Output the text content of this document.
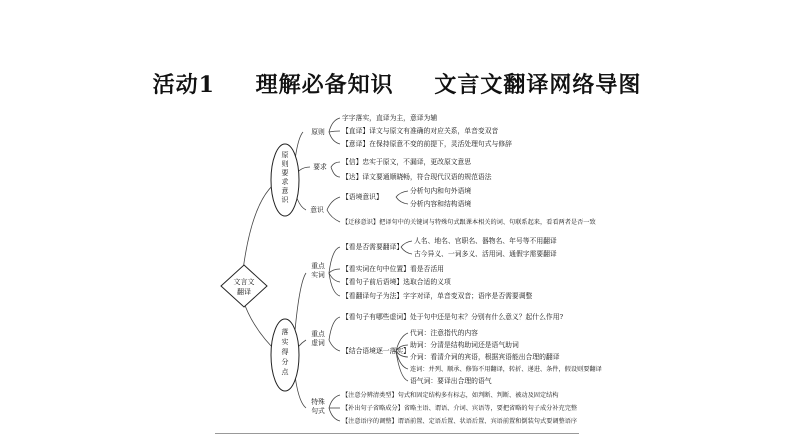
活动1 理解必备知识 文言文翻译网络导图
文言文
翻译
原
则
要
求
意
识
落
实
得
分
点
原则
要求
意识
重点
实词
重点
虚词
特殊
句式
字字落实，直译为主，意译为辅
【直译】译文与原文有准确的对应关系，单音变双音
【意译】在保持原意不变的前提下，灵活处理句式与修辞
【信】忠实于原文，不漏译，更改原文意思
【达】译文要通顺晓畅，符合现代汉语的规范语法
【语境意识】
分析句内和句外语境
分析内容和结构语境
【迁移意识】把译句中的关键词与特殊句式跟课本相关的词、句联系起来，看看两者是否一致
【看是否需要翻译】
人名、地名、官职名、器物名、年号等不用翻译
古今异义、一词多义、活用词、通假字需要翻译
【看实词在句中位置】看是否活用
【看句子前后语境】选取合适的义项
【看翻译句子为法】字字对译，单音变双音；语序是否需要调整
【看句子有哪些虚词】处于句中还是句末？分别有什么意义？起什么作用?
【结合语境逐一落实】
代词：注意指代的内容
助词：分清是结构助词还是语气助词
介词：看清介词的宾语，根据宾语能出合理的翻译
连词：并列、顺承、修饰不用翻译，转折、递进、条件，假设则要翻译
语气词：要译出合理的语气
【注意分辨清类型】句式和固定结构多有标志，如判断、判断、被动及固定结构
【补出句子省略成分】省略主语、谓语、介词、宾语等，要把省略的句子成分补充完整
【注意语序的调整】谓语前置、定语后置、状语后置、宾语前置和倒装句式要调整语序
